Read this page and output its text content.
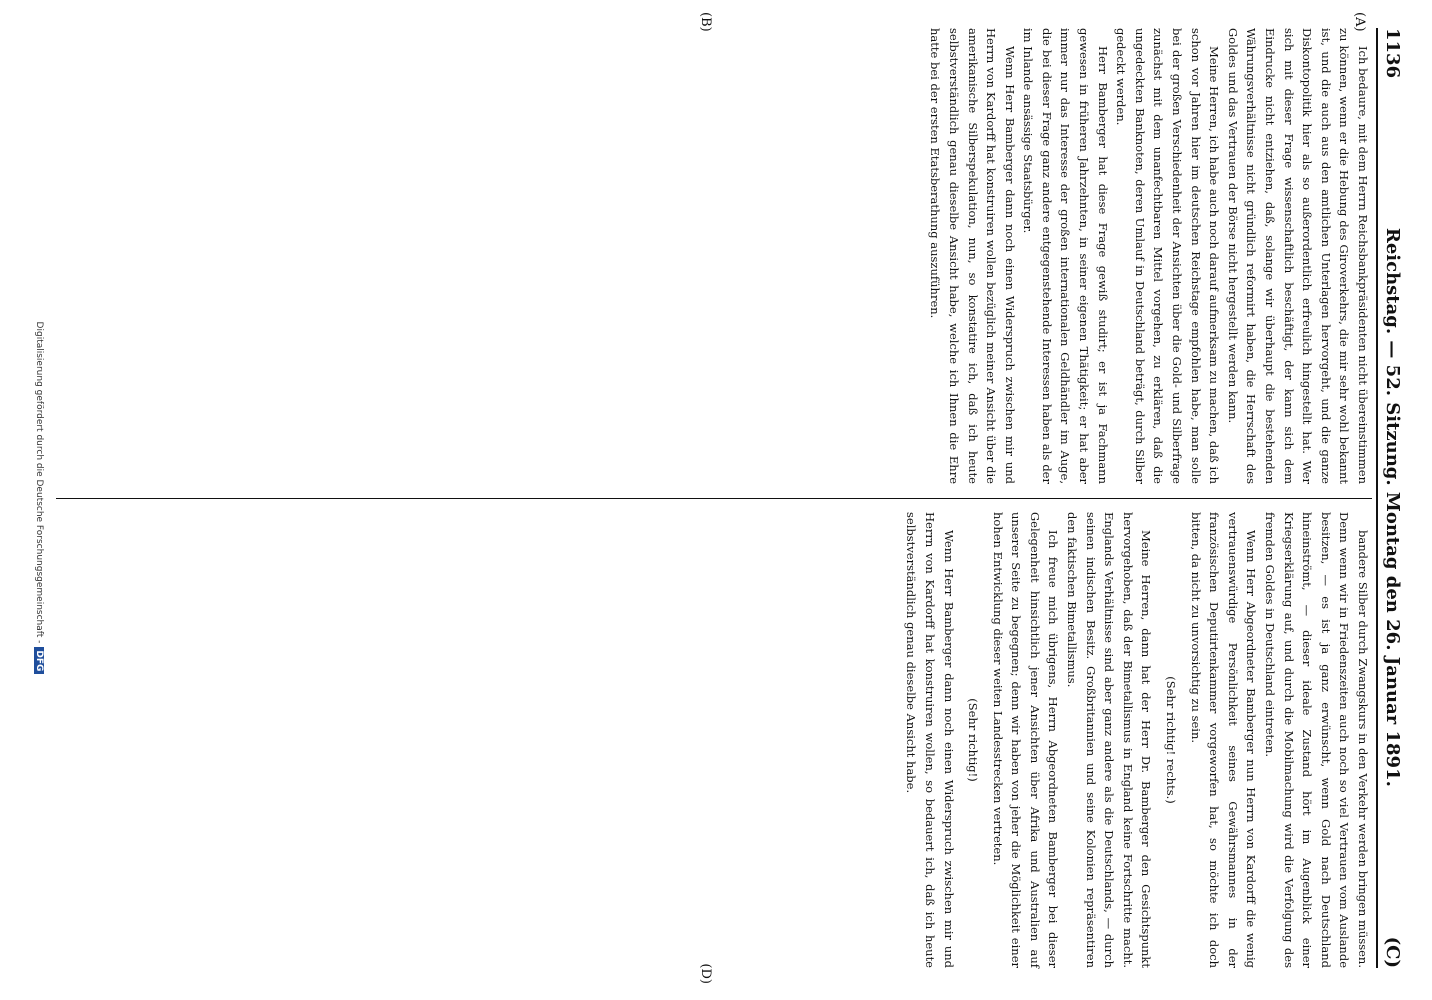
1136
Reichstag. — 52. Sitzung. Montag den 26. Januar 1891.
(C)
(A)
(B)

Ich bedaure, mit dem Herrn Reichsbankpräsidenten nicht übereinstimmen zu können, wenn er die Hebung des Giroverkehrs, die mir sehr wohl bekannt ist, und die auch aus den amtlichen Unterlagen hervorgeht, und die ganze Diskontopolitik hier als so außerordentlich erfreulich hingestellt hat. Wer sich mit dieser Frage wissenschaftlich beschäftigt, der kann sich dem Eindrucke nicht entziehen, daß, solange wir überhaupt die bestehenden Währungsverhältnisse nicht gründlich reformirt haben, die Herrschaft des Goldes und das Vertrauen der Börse nicht hergestellt werden kann.

Meine Herren, ich habe auch noch darauf aufmerksam zu machen, daß ich schon vor Jahren hier im deutschen Reichstage empfohlen habe, man solle bei der großen Verschiedenheit der Ansichten über die Gold- und Silberfrage zunächst mit dem unanfechtbaren Mittel vorgehen, zu erklären, daß die ungedeckten Banknoten, deren Umlauf in Deutschland beträgt, durch Silber gedeckt werden.

Herr Bamberger hat diese Frage gewiß studirt; er ist ja Fachmann gewesen in früheren Jahrzehnten, in seiner eigenen Thätigkeit; er hat aber immer nur das Interesse der großen internationalen Geldhändler im Auge, die bei dieser Frage ganz andere entgegenstehende Interessen haben als der im Inlande ansässige Staatsbürger.

Wenn Herr Bamberger dann noch einen Widerspruch zwischen mir und Herrn von Kardorff hat konstruiren wollen bezüglich meiner Ansicht über die amerikanische Silberspekulation, nun, so konstatire ich, daß ich heute selbstverständlich genau dieselbe Ansicht habe, welche ich Ihnen die Ehre hatte bei der ersten Etatsberathung auszuführen.

(D)

bandere Silber durch Zwangskurs in den Verkehr werden bringen müssen. Denn wenn wir in Friedenszeiten auch noch so viel Vertrauen vom Auslande besitzen, — es ist ja ganz erwünscht, wenn Gold nach Deutschland hineinströmt, — dieser ideale Zustand hört im Augenblick einer Kriegserklärung auf, und durch die Mobilmachung wird die Verfolgung des fremden Goldes in Deutschland eintreten.

Wenn Herr Abgeordneter Bamberger nun Herrn von Kardorff die wenig vertrauenswürdige Persönlichkeit seines Gewährsmannes in der französischen Deputirtenkammer vorgeworfen hat, so möchte ich doch bitten, da nicht zu unvorsichtig zu sein.

(Sehr richtig! rechts.)

Meine Herren, dann hat der Herr Dr. Bamberger den Gesichtspunkt hervorgehoben, daß der Bimetallismus in England keine Fortschritte macht. Englands Verhältnisse sind aber ganz andere als die Deutschlands, — durch seinen indischen Besitz. Großbritannien und seine Kolonien repräsentiren den faktischen Bimetallismus.

Ich freue mich übrigens, Herrn Abgeordneten Bamberger bei dieser Gelegenheit hinsichtlich jener Ansichten über Afrika und Australien auf unserer Seite zu begegnen; denn wir haben von jeher die Möglichkeit einer hohen Entwicklung dieser weiten Landesstrecken vertreten.

(Sehr richtig!)

Wenn Herr Bamberger dann noch einen Widerspruch zwischen mir und Herrn von Kardorff hat konstruiren wollen, so bedauert ich, daß ich heute selbstverständlich genau dieselbe Ansicht habe.

Digitalisierung gefördert durch die Deutsche Forschungsgemeinschaft -DFG
